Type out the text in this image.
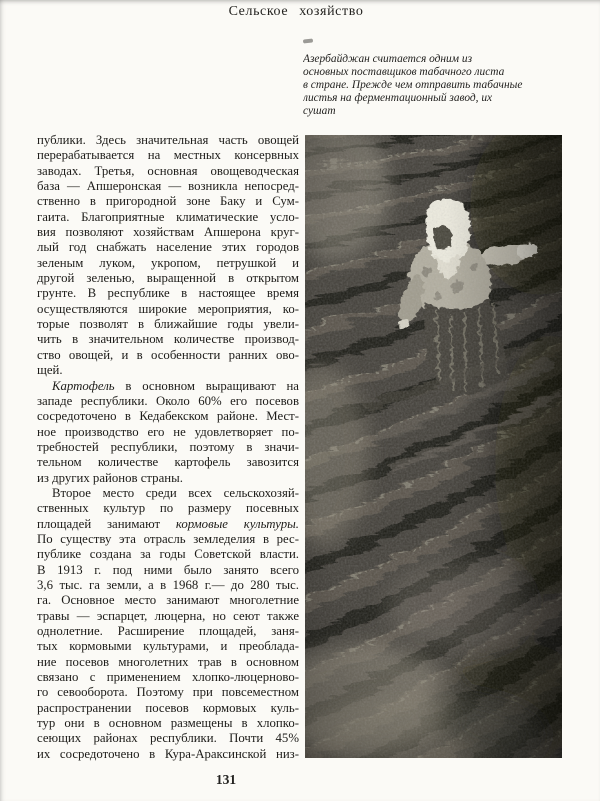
Сельское хозяйство
Азербайджан считается одним из
основных поставщиков табачного листа
в стране. Прежде чем отправить табачные
листья на ферментационный завод, их
сушат
публики. Здесь значительная часть овощей
перерабатывается на местных консервных
заводах. Третья, основная овощеводческая
база — Апшеронская — возникла непосред-
ственно в пригородной зоне Баку и Сум-
гаита. Благоприятные климатические усло-
вия позволяют хозяйствам Апшерона круг-
лый год снабжать население этих городов
зеленым луком, укропом, петрушкой и
другой зеленью, выращенной в открытом
грунте. В республике в настоящее время
осуществляются широкие мероприятия, ко-
торые позволят в ближайшие годы увели-
чить в значительном количестве производ-
ство овощей, и в особенности ранних ово-
щей.
Картофель в основном выращивают на
западе республики. Около 60% его посевов
сосредоточено в Кедабекском районе. Мест-
ное производство его не удовлетворяет по-
требностей республики, поэтому в значи-
тельном количестве картофель завозится
из других районов страны.
Второе место среди всех сельскохозяй-
ственных культур по размеру посевных
площадей занимают кормовые культуры.
По существу эта отрасль земледелия в рес-
публике создана за годы Советской власти.
В 1913 г. под ними было занято всего
3,6 тыс. га земли, а в 1968 г.— до 280 тыс.
га. Основное место занимают многолетние
травы — эспарцет, люцерна, но сеют также
однолетние. Расширение площадей, заня-
тых кормовыми культурами, и преоблада-
ние посевов многолетних трав в основном
связано с применением хлопко-люцерново-
го севооборота. Поэтому при повсеместном
распространении посевов кормовых куль-
тур они в основном размещены в хлопко-
сеющих районах республики. Почти 45%
их сосредоточено в Кура-Араксинской низ-
131
